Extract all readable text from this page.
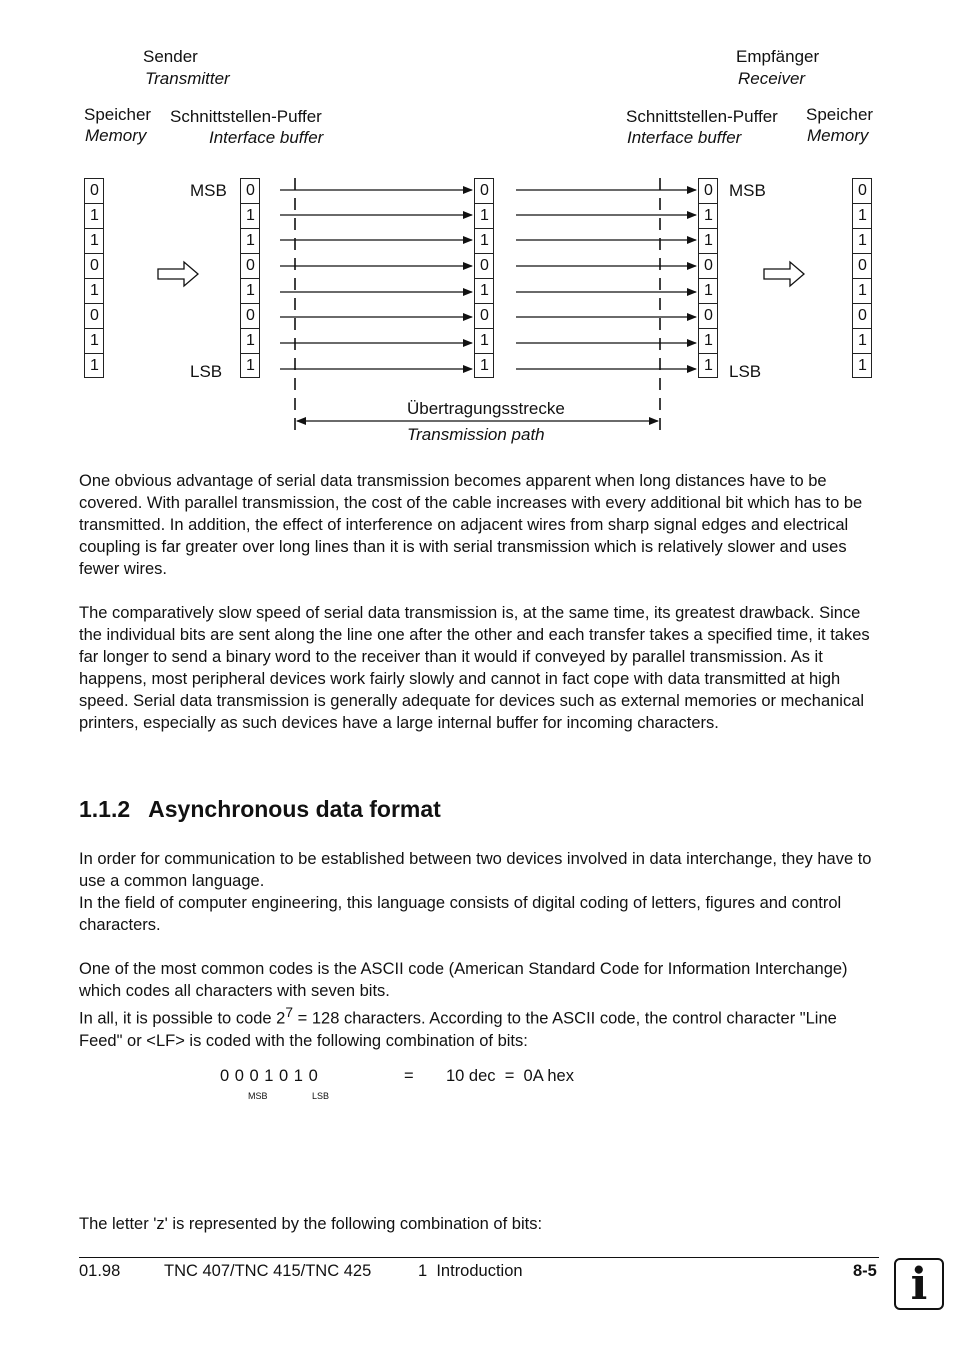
Sender
Transmitter
Empfänger
Receiver
Speicher
Memory
Schnittstellen-Puffer
Interface buffer
Schnittstellen-Puffer
Interface buffer
Speicher
Memory
MSB
LSB
MSB
LSB
0
1
1
0
1
0
1
1
0
1
1
0
1
0
1
1
0
1
1
0
1
0
1
1
0
1
1
0
1
0
1
1
0
1
1
0
1
0
1
1
Übertragungsstrecke
Transmission path

One obvious advantage of serial data transmission becomes apparent when long distances have to be covered. With parallel transmission, the cost of the cable increases with every additional bit which has to be transmitted. In addition, the effect of interference on adjacent wires from sharp signal edges and electrical coupling is far greater over long lines than it is with serial transmission which is relatively slower and uses fewer wires.

The comparatively slow speed of serial data transmission is, at the same time, its greatest drawback. Since the individual bits are sent along the line one after the other and each transfer takes a specified time, it takes far longer to send a binary word to the receiver than it would if conveyed by parallel transmission. As it happens, most peripheral devices work fairly slowly and cannot in fact cope with data transmitted at high speed. Serial data transmission is generally adequate for devices such as external memories or mechanical printers, especially as such devices have a large internal buffer for incoming characters.

1.1.2 Asynchronous data format

In order for communication to be established between two devices involved in data interchange, they have to use a common language.

In the field of computer engineering, this language consists of digital coding of letters, figures and control characters.

One of the most common codes is the ASCII code (American Standard Code for Information Interchange) which codes all characters with seven bits.

In all, it is possible to code $2^7 = 128$ characters. According to the ASCII code, the control character "Line Feed" or <LF> is coded with the following combination of bits:

0 0 0 1 0 1 0
MSB	LSB
= 10 dec  =  0A hex

The letter 'z' is represented by the following combination of bits:

01.98	TNC 407/TNC 415/TNC 425	1  Introduction	8-5 i
